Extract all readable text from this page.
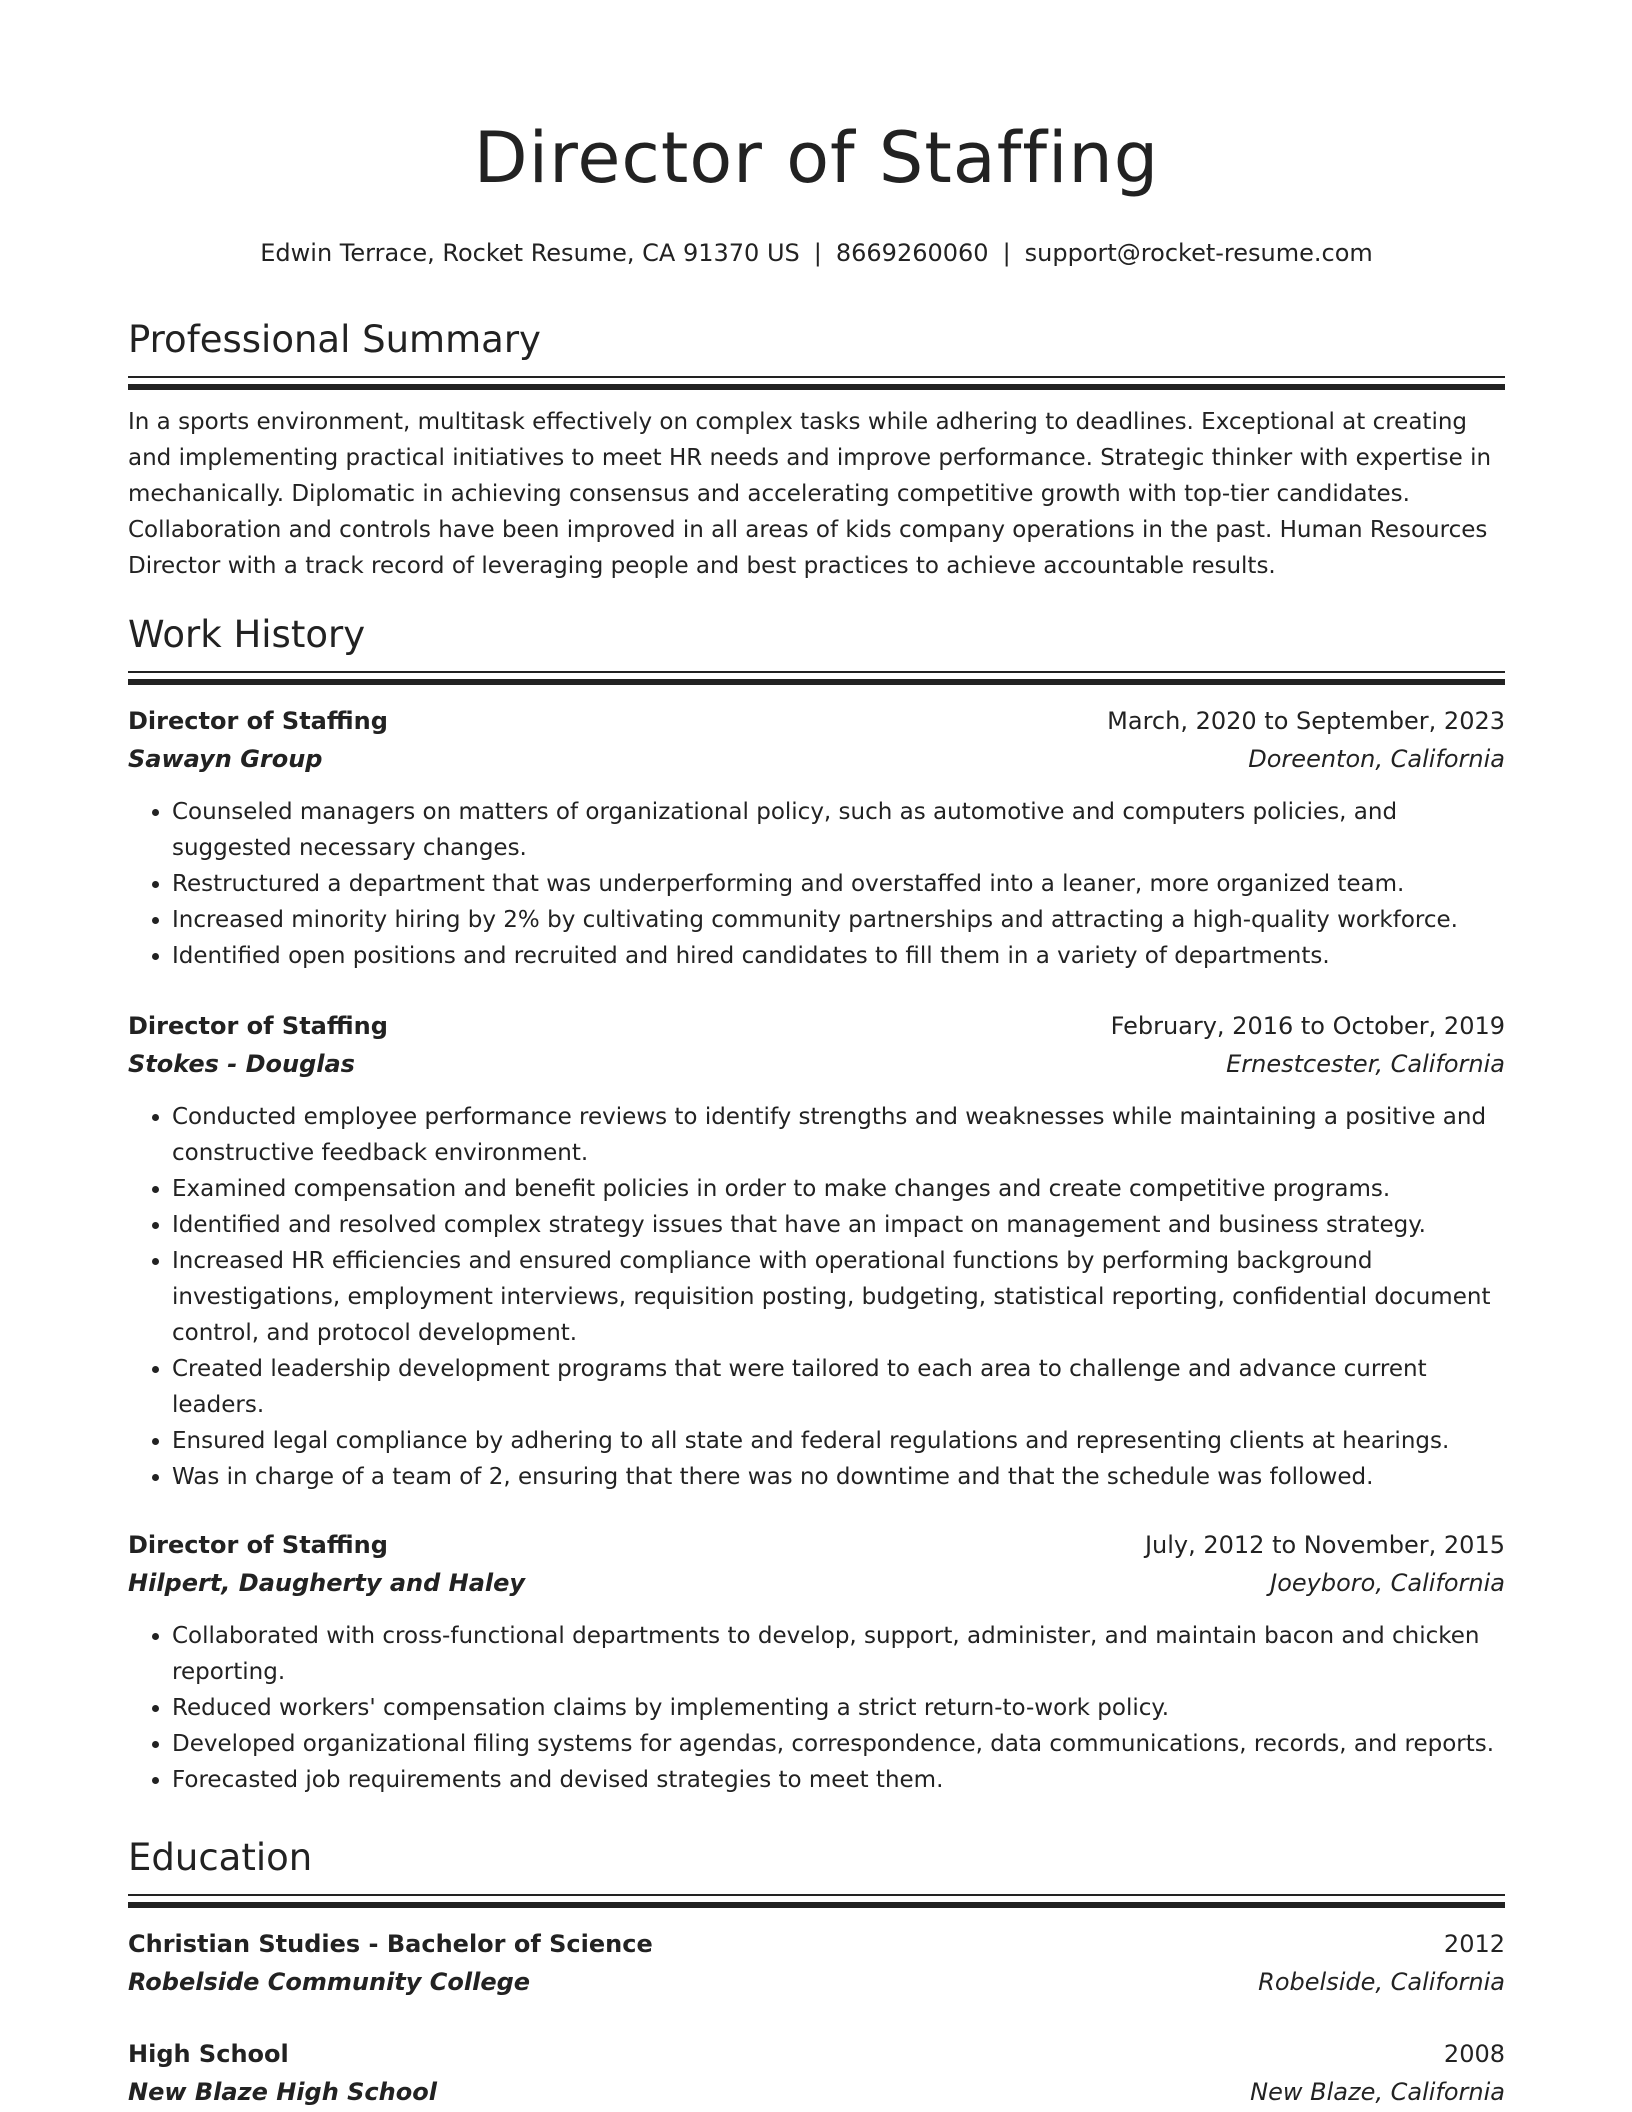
Director of Staffing
Edwin Terrace, Rocket Resume, CA 91370 US | 8669260060 | support@rocket-resume.com
Professional Summary

In a sports environment, multitask effectively on complex tasks while adhering to deadlines. Exceptional at creating and implementing practical initiatives to meet HR needs and improve performance. Strategic thinker with expertise in mechanically. Diplomatic in achieving consensus and accelerating competitive growth with top-tier candidates. Collaboration and controls have been improved in all areas of kids company operations in the past. Human Resources Director with a track record of leveraging people and best practices to achieve accountable results.

Work History
Director of Staffing	March, 2020 to September, 2023
Sawayn Group	Doreenton, California
• Counseled managers on matters of organizational policy, such as automotive and computers policies, and suggested necessary changes.
• Restructured a department that was underperforming and overstaffed into a leaner, more organized team.
• Increased minority hiring by 2% by cultivating community partnerships and attracting a high-quality workforce.
• Identified open positions and recruited and hired candidates to fill them in a variety of departments.
Director of Staffing	February, 2016 to October, 2019
Stokes - Douglas	Ernestcester, California
• Conducted employee performance reviews to identify strengths and weaknesses while maintaining a positive and constructive feedback environment.
• Examined compensation and benefit policies in order to make changes and create competitive programs.
• Identified and resolved complex strategy issues that have an impact on management and business strategy.
• Increased HR efficiencies and ensured compliance with operational functions by performing background investigations, employment interviews, requisition posting, budgeting, statistical reporting, confidential document control, and protocol development.
• Created leadership development programs that were tailored to each area to challenge and advance current leaders.
• Ensured legal compliance by adhering to all state and federal regulations and representing clients at hearings.
• Was in charge of a team of 2, ensuring that there was no downtime and that the schedule was followed.
Director of Staffing	July, 2012 to November, 2015
Hilpert, Daugherty and Haley	Joeyboro, California
• Collaborated with cross-functional departments to develop, support, administer, and maintain bacon and chicken reporting.
• Reduced workers' compensation claims by implementing a strict return-to-work policy.
• Developed organizational filing systems for agendas, correspondence, data communications, records, and reports.
• Forecasted job requirements and devised strategies to meet them.
Education
Christian Studies - Bachelor of Science	2012
Robelside Community College	Robelside, California
High School	2008
New Blaze High School	New Blaze, California
